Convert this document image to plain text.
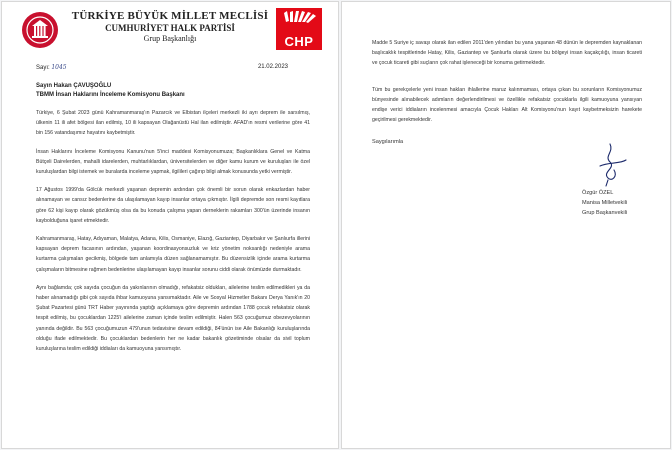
TÜRKİYE BÜYÜK MİLLET MECLİSİ
CUMHURİYET HALK PARTİSİ
Grup Başkanlığı	CHP
Sayı: 1045	21.02.2023
Sayın Hakan ÇAVUŞOĞLU
TBMM İnsan Haklarını İnceleme Komisyonu Başkanı

Türkiye, 6 Şubat 2023 günü Kahramanmaraş'ın Pazarcık ve Elbistan ilçeleri merkezli iki ayrı deprem ile sarsılmış, ülkenin 11 ili afet bölgesi ilan edilmiş, 10 ili kapsayan Olağanüstü Hal ilan edilmiştir. AFAD'ın resmi verilerine göre 41 bin 156 vatandaşımız hayatını kaybetmiştir.

İnsan Haklarını İnceleme Komisyonu Kanunu'nun 5'inci maddesi Komisyonumuza; Başkanlıklara Genel ve Katma Bütçeli Dairelerden, mahalli idarelerden, muhtarlıklardan, üniversitelerden ve diğer kamu kurum ve kuruluşları ile özel kuruluşlardan bilgi istemek ve buralarda inceleme yapmak, ilgilileri çağırıp bilgi almak konusunda yetki vermiştir.

17 Ağustos 1999'da Gölcük merkezli yaşanan depremin ardından çok önemli bir sorun olarak enkazlardan haber alınamayan ve cansız bedenlerine da ulaşılamayan kayıp insanlar ortaya çıkmıştır. İlgili depremde son resmi kayıtlara göre 62 kişi kayıp olarak gözükmüş olsa da bu konuda çalışma yapan derneklerin rakamları 300'ün üzerinde insanın kaybolduğuna işaret etmektedir.

Kahramanmaraş, Hatay, Adıyaman, Malatya, Adana, Kilis, Osmaniye, Elazığ, Gaziantep, Diyarbakır ve Şanlıurfa illerini kapsayan deprem facasının ardından, yaşanan koordinasyonsuzluk ve kriz yönetim noksanlığı nedeniyle arama kurtarma çalışmaları gecikmiş, bölgede tam anlamıyla düzen sağlanamamıştır. Bu düzensizlik içinde arama kurtarma çalışmaların bitmesine rağmen bedenlerine ulaşılamayan kayıp insanlar sorunu ciddi olarak önümüzde durmaktadır.

Aynı bağlamda; çok sayıda çocuğun da yakınlarının olmadığı, refakatsiz oldukları, ailelerine teslim edilmedikleri ya da haber alınamadığı gibi çok sayıda ihbar kamuoyuna yansımaktadır. Aile ve Sosyal Hizmetler Bakanı Derya Yanık'ın 20 Şubat Pazartesi günü TRT Haber yayınında yaptığı açıklamaya göre depremin ardından 1788 çocuk refakatsiz olarak tespit edilmiş, bu çocuklardan 1225'i ailelerine zaman içinde teslim edilmiştir. Halen 563 çocuğumuz obezevyolarının yanında değildir. Bu 563 çocuğumuzun 479'unun tedavisine devam edildiği, 84'ünün ise Aile Bakanlığı kuruluşlarında olduğu ifade edilmektedir. Bu çocuklardan bedenlerin her ne kadar bakanlık gözetiminde olsalar da sivil toplum kuruluşlarına teslim edildiği iddiaları da kamuoyuna yansımıştır.

Madde 5 Suriye iç savaşı olarak ilan edilen 2011'den yılından bu yana yaşanan 48 dünün le depremden kaynaklanan başlıcaklık tespitlerinde Hatay, Kilis, Gaziantep ve Şanlıurfa olarak üzere bu bölgeyi insan kaçakçılığı, insan ticareti ve çocuk ticareti gibi suçların çok rahat işleneceği bir konuma getirmektedir.

Tüm bu gerekçelerle yeni insan hakları ihlallerine maruz kalınmaması, ortaya çıkan bu sorunların Komisyonumuz bünyesinde alınabilecek adımların değerlendirilmesi ve özellikle refakatsiz çocuklarla ilgili kamuoyuna yansıyan endişe verici iddiaların incelenmesi amacıyla Çocuk Hakları Alt Komisyonu'nun kayıt kaybetmeksizin harekete geçirilmesi gerekmektedir.

Saygılarımla
Özgür ÖZEL
Manisa Milletvekili
Grup Başkanvekili
